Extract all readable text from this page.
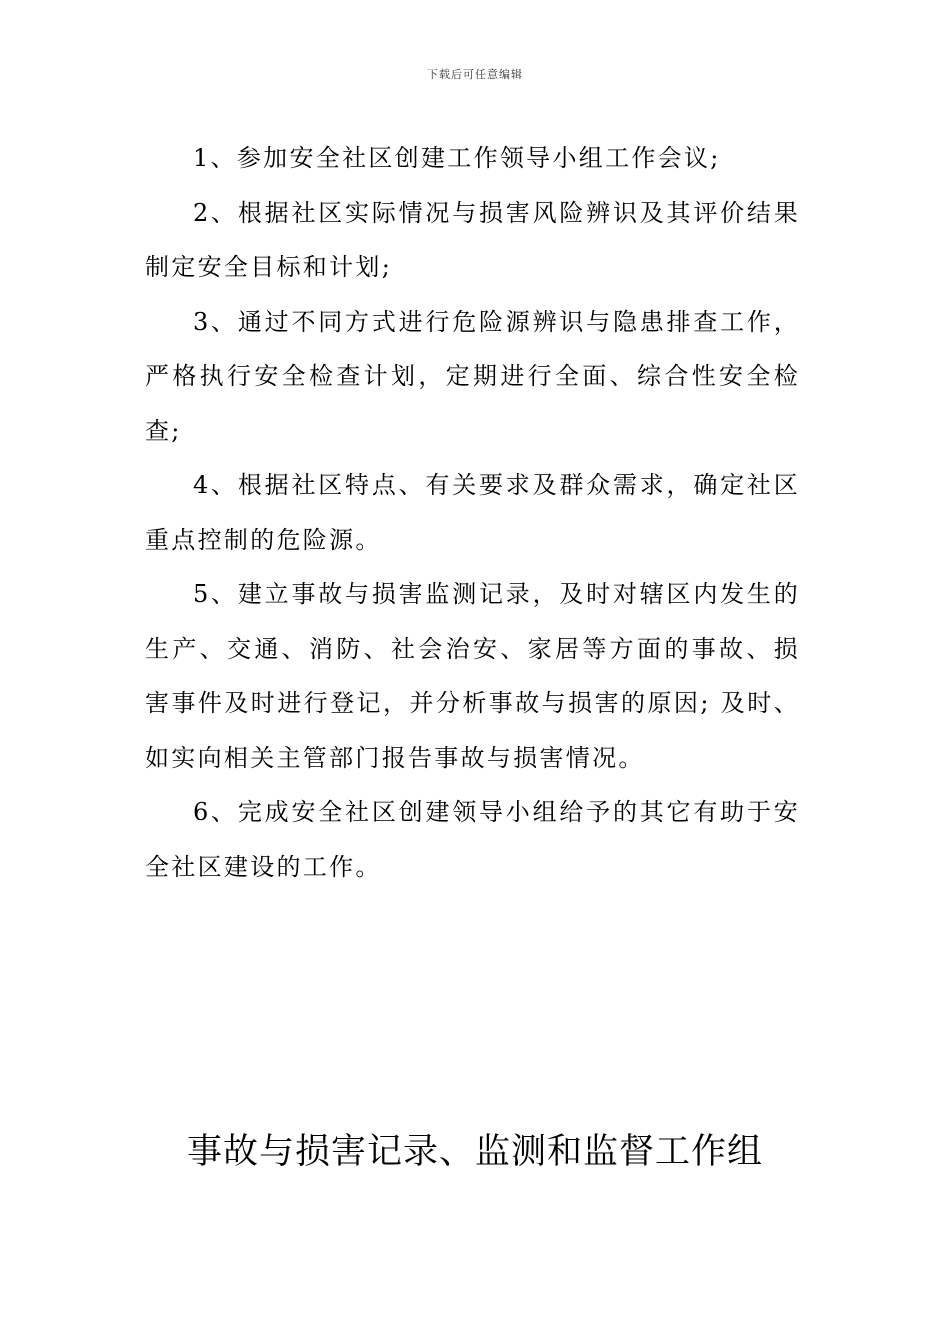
下载后可任意编辑

1、参加安全社区创建工作领导小组工作会议;

2、根据社区实际情况与损害风险辨识及其评价结果制定安全目标和计划;

3、通过不同方式进行危险源辨识与隐患排查工作，严格执行安全检查计划，定期进行全面、综合性安全检查;

4、根据社区特点、有关要求及群众需求，确定社区重点控制的危险源。

5、建立事故与损害监测记录，及时对辖区内发生的生产、交通、消防、社会治安、家居等方面的事故、损害事件及时进行登记，并分析事故与损害的原因; 及时、如实向相关主管部门报告事故与损害情况。

6、完成安全社区创建领导小组给予的其它有助于安全社区建设的工作。

事故与损害记录、监测和监督工作组
